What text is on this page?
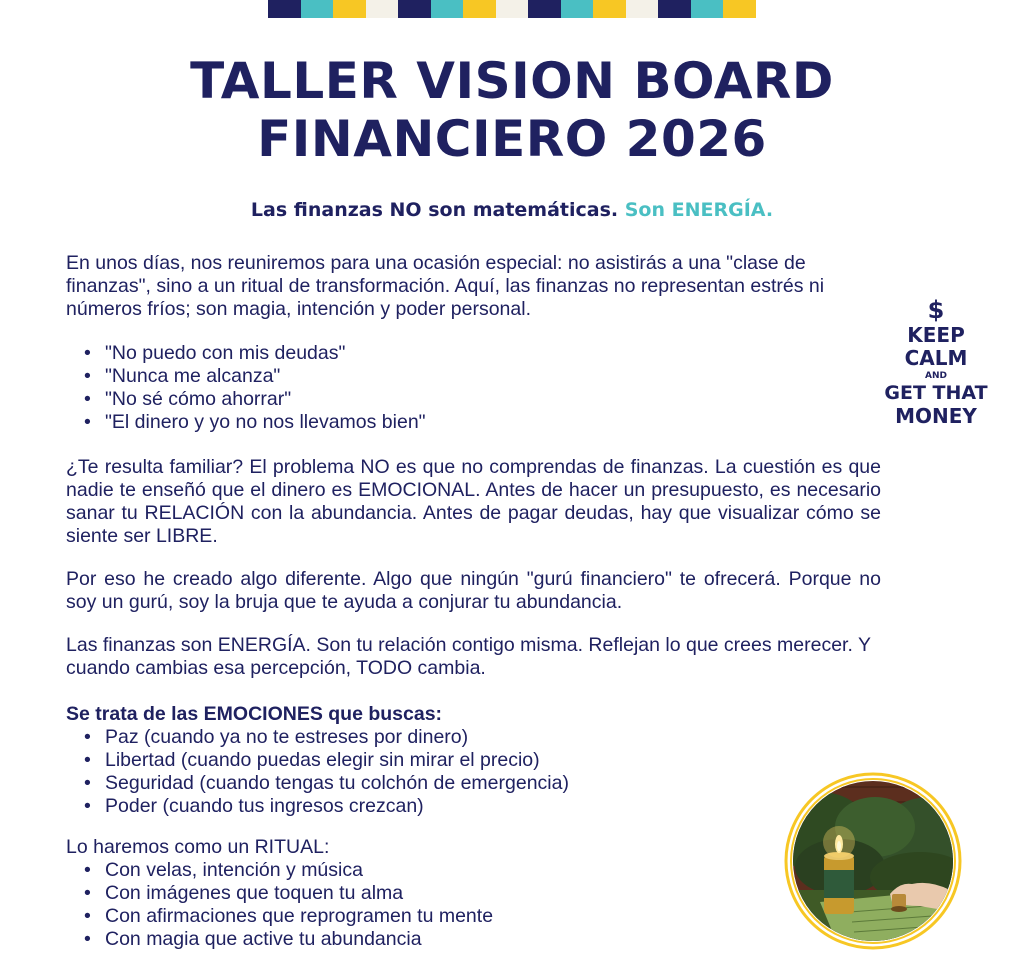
TALLER VISION BOARD
FINANCIERO 2026
Las finanzas NO son matemáticas. Son ENERGÍA.

En unos días, nos reuniremos para una ocasión especial: no asistirás a una "clase de finanzas", sino a un ritual de transformación. Aquí, las finanzas no representan estrés ni números fríos; son magia, intención y poder personal.

• "No puedo con mis deudas"
• "Nunca me alcanza"
• "No sé cómo ahorrar"
• "El dinero y yo no nos llevamos bien"

¿Te resulta familiar? El problema NO es que no comprendas de finanzas. La cuestión es que nadie te enseñó que el dinero es EMOCIONAL. Antes de hacer un presupuesto, es necesario sanar tu RELACIÓN con la abundancia. Antes de pagar deudas, hay que visualizar cómo se siente ser LIBRE.

Por eso he creado algo diferente. Algo que ningún "gurú financiero" te ofrecerá. Porque no soy un gurú, soy la bruja que te ayuda a conjurar tu abundancia.

Las finanzas son ENERGÍA. Son tu relación contigo misma. Reflejan lo que crees merecer. Y cuando cambias esa percepción, TODO cambia.

Se trata de las EMOCIONES que buscas:
• Paz (cuando ya no te estreses por dinero)
• Libertad (cuando puedas elegir sin mirar el precio)
• Seguridad (cuando tengas tu colchón de emergencia)
• Poder (cuando tus ingresos crezcan)
Lo haremos como un RITUAL:
• Con velas, intención y música
• Con imágenes que toquen tu alma
• Con afirmaciones que reprogramen tu mente
• Con magia que active tu abundancia
$
KEEP
CALM
AND
GET THAT
MONEY
